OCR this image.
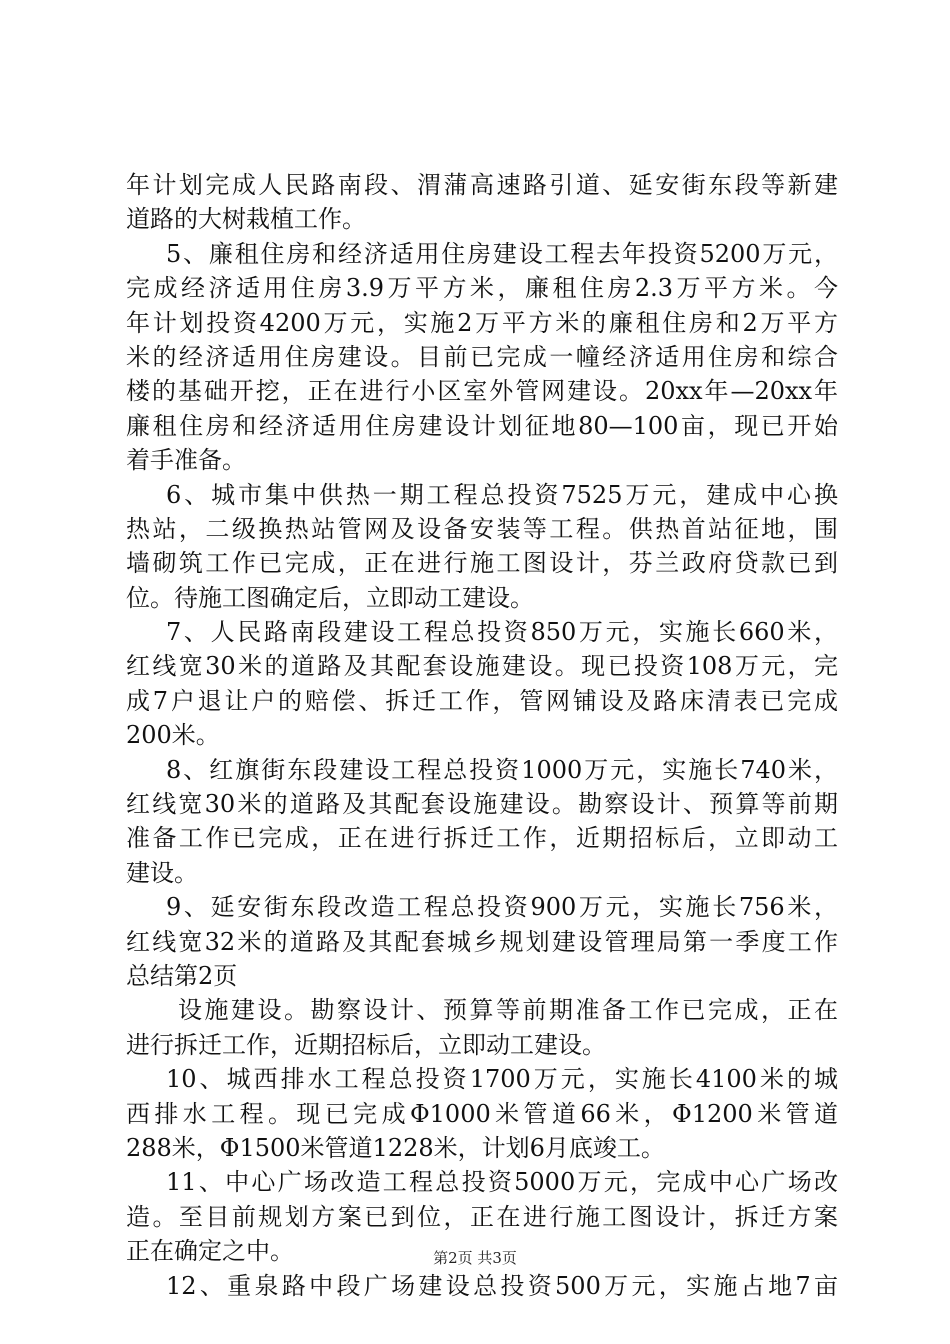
年计划完成人民路南段、渭蒲高速路引道、延安街东段等新建
道路的大树栽植工作。
5、廉租住房和经济适用住房建设工程去年投资5200万元，
完成经济适用住房3.9万平方米，廉租住房2.3万平方米。今
年计划投资4200万元，实施2万平方米的廉租住房和2万平方
米的经济适用住房建设。目前已完成一幢经济适用住房和综合
楼的基础开挖，正在进行小区室外管网建设。20xx年—20xx年
廉租住房和经济适用住房建设计划征地80—100亩，现已开始
着手准备。
6、城市集中供热一期工程总投资7525万元，建成中心换
热站，二级换热站管网及设备安装等工程。供热首站征地，围
墙砌筑工作已完成，正在进行施工图设计，芬兰政府贷款已到
位。待施工图确定后，立即动工建设。
7、人民路南段建设工程总投资850万元，实施长660米，
红线宽30米的道路及其配套设施建设。现已投资108万元，完
成7户退让户的赔偿、拆迁工作，管网铺设及路床清表已完成
200米。
8、红旗街东段建设工程总投资1000万元，实施长740米，
红线宽30米的道路及其配套设施建设。勘察设计、预算等前期
准备工作已完成，正在进行拆迁工作，近期招标后，立即动工
建设。
9、延安街东段改造工程总投资900万元，实施长756米，
红线宽32米的道路及其配套城乡规划建设管理局第一季度工作
总结第2页
设施建设。勘察设计、预算等前期准备工作已完成，正在
进行拆迁工作，近期招标后，立即动工建设。
10、城西排水工程总投资1700万元，实施长4100米的城
西排水工程。现已完成Φ1000米管道66米，Φ1200米管道
288米，Φ1500米管道1228米，计划6月底竣工。
11、中心广场改造工程总投资5000万元，完成中心广场改
造。至目前规划方案已到位，正在进行施工图设计，拆迁方案
正在确定之中。
12、重泉路中段广场建设总投资500万元，实施占地7亩
第2页 共3页
